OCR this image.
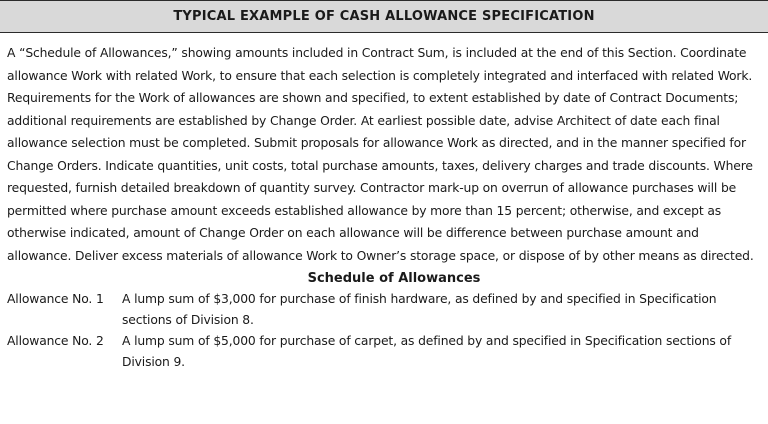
TYPICAL EXAMPLE OF CASH ALLOWANCE SPECIFICATION

A “Schedule of Allowances,” showing amounts included in Contract Sum, is included at the end of this Section. Coordinate allowance Work with related Work, to ensure that each selection is completely integrated and interfaced with related Work. Requirements for the Work of allowances are shown and specified, to extent established by date of Contract Documents; additional requirements are established by Change Order. At earliest possible date, advise Architect of date each final allowance selection must be completed. Submit proposals for allowance Work as directed, and in the manner specified for Change Orders. Indicate quantities, unit costs, total purchase amounts, taxes, delivery charges and trade discounts. Where requested, furnish detailed breakdown of quantity survey. Contractor mark-up on overrun of allowance purchases will be permitted where purchase amount exceeds established allowance by more than 15 percent; otherwise, and except as otherwise indicated, amount of Change Order on each allowance will be difference between purchase amount and allowance. Deliver excess materials of allowance Work to Owner’s storage space, or dispose of by other means as directed.

Schedule of Allowances
Allowance No. 1	A lump sum of $3,000 for purchase of finish hardware, as defined by and specified in Specification sections of Division 8.
Allowance No. 2	A lump sum of $5,000 for purchase of carpet, as defined by and specified in Specification sections of Division 9.
